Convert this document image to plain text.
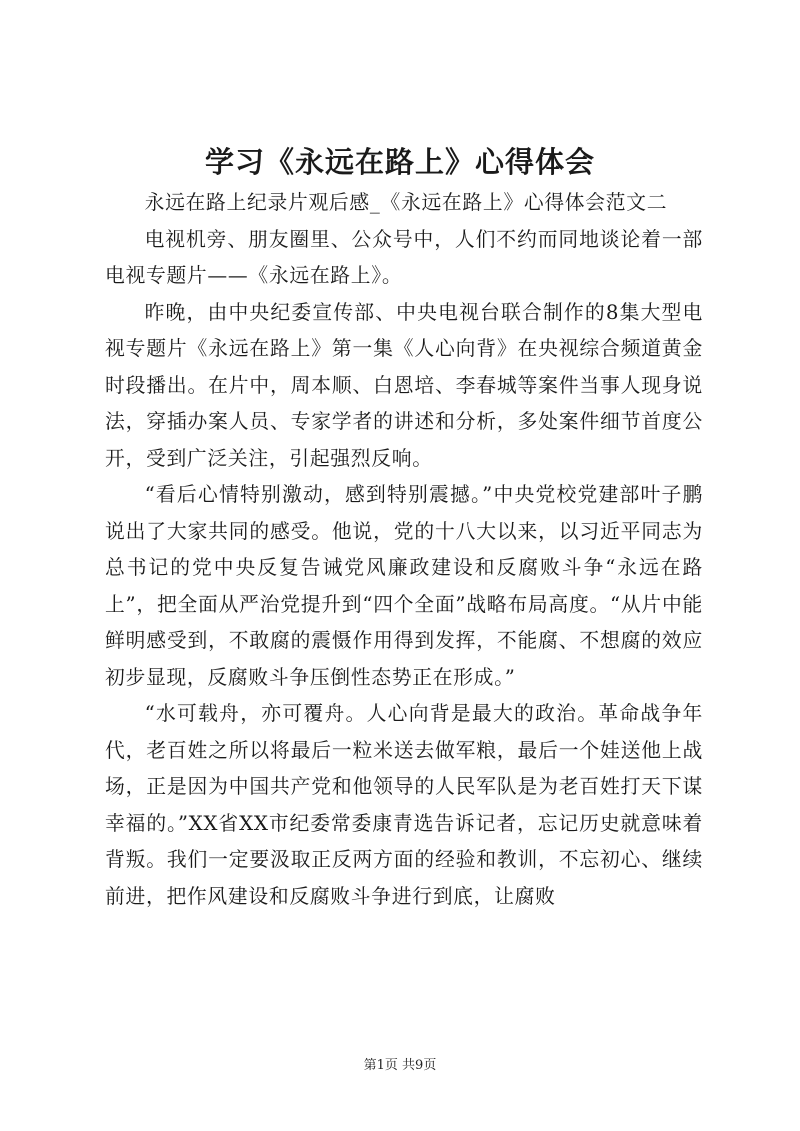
学习《永远在路上》心得体会

永远在路上纪录片观后感_《永远在路上》心得体会范文二

电视机旁、朋友圈里、公众号中，人们不约而同地谈论着一部电视专题片——《永远在路上》。

昨晚，由中央纪委宣传部、中央电视台联合制作的8集大型电视专题片《永远在路上》第一集《人心向背》在央视综合频道黄金时段播出。在片中，周本顺、白恩培、李春城等案件当事人现身说法，穿插办案人员、专家学者的讲述和分析，多处案件细节首度公开，受到广泛关注，引起强烈反响。

“看后心情特别激动，感到特别震撼。”中央党校党建部叶子鹏说出了大家共同的感受。他说，党的十八大以来，以习近平同志为总书记的党中央反复告诫党风廉政建设和反腐败斗争“永远在路上”，把全面从严治党提升到“四个全面”战略布局高度。“从片中能鲜明感受到，不敢腐的震慑作用得到发挥，不能腐、不想腐的效应初步显现，反腐败斗争压倒性态势正在形成。”

“水可载舟，亦可覆舟。人心向背是最大的政治。革命战争年代，老百姓之所以将最后一粒米送去做军粮，最后一个娃送他上战场，正是因为中国共产党和他领导的人民军队是为老百姓打天下谋幸福的。”XX省XX市纪委常委康青选告诉记者，忘记历史就意味着背叛。我们一定要汲取正反两方面的经验和教训，不忘初心、继续前进，把作风建设和反腐败斗争进行到底，让腐败

第1页 共9页
